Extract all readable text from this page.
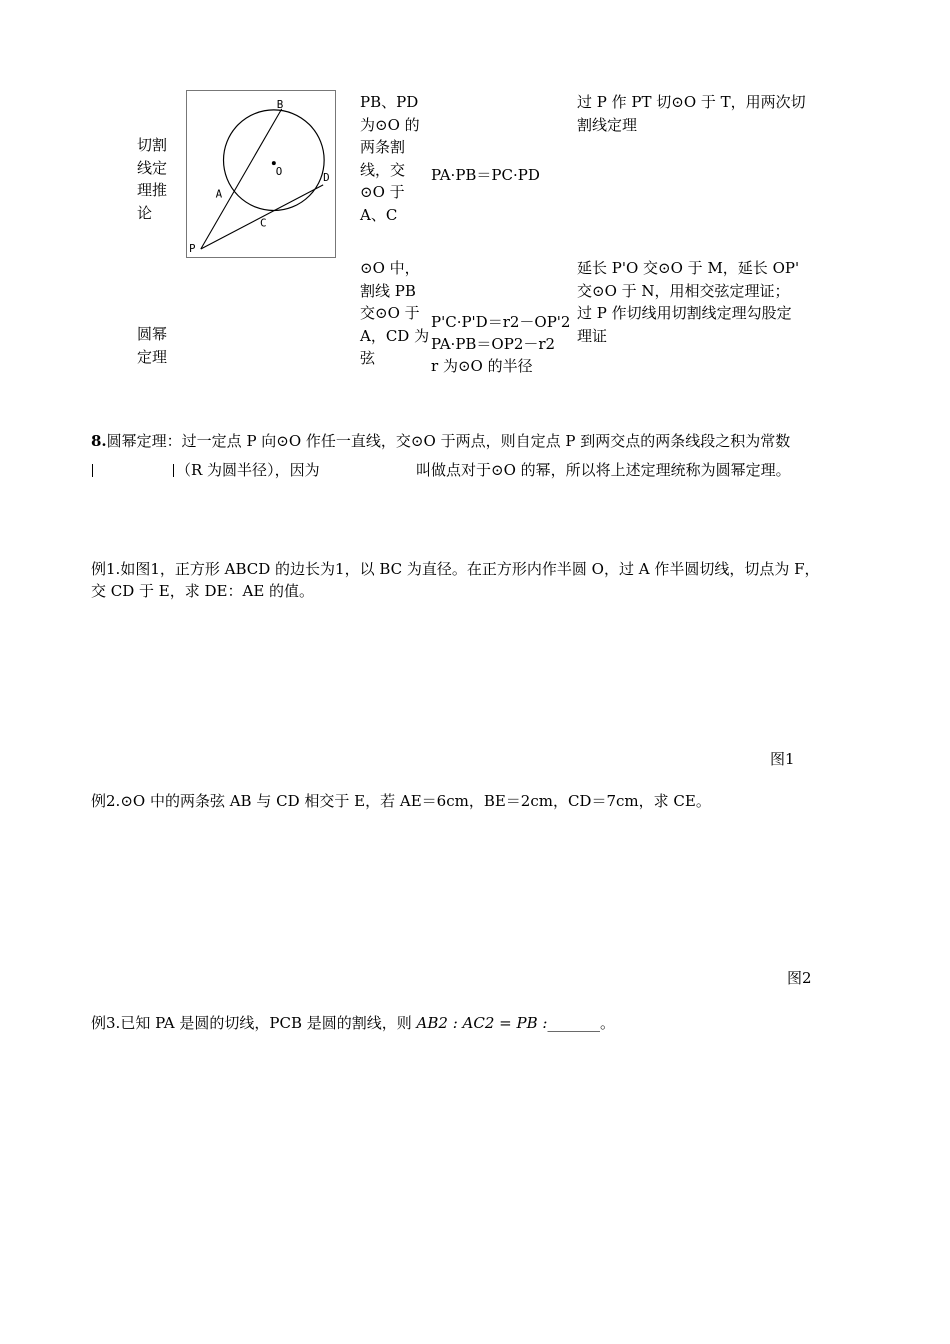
切割
线定
理推
论
B
O
A
D
C
P
PB、PD
为⊙O 的
两条割
线，交
⊙O 于
A、C
PA·PB＝PC·PD
过 P 作 PT 切⊙O 于 T，用两次切
割线定理
圆幂
定理
⊙O 中，
割线 PB
交⊙O 于
A，CD 为
弦
P'C·P'D＝r2－OP'2
PA·PB＝OP2－r2
r 为⊙O 的半径
延长 P'O 交⊙O 于 M，延长 OP'
交⊙O 于 N，用相交弦定理证；
过 P 作切线用切割线定理勾股定
理证
8.圆幂定理：过一定点 P 向⊙O 作任一直线，交⊙O 于两点，则自定点 P 到两交点的两条线段之积为常数
（R 为圆半径），因为	叫做点对于⊙O 的幂，所以将上述定理统称为圆幂定理。
例1.如图1，正方形 ABCD 的边长为1，以 BC 为直径。在正方形内作半圆 O，过 A 作半圆切线，切点为 F，
交 CD 于 E，求 DE：AE 的值。
图1
例2.⊙O 中的两条弦 AB 与 CD 相交于 E，若 AE＝6cm，BE＝2cm，CD＝7cm，求 CE。
图2
例3.已知 PA 是圆的切线，PCB 是圆的割线，则 AB2 : AC2 = PB :_______。
